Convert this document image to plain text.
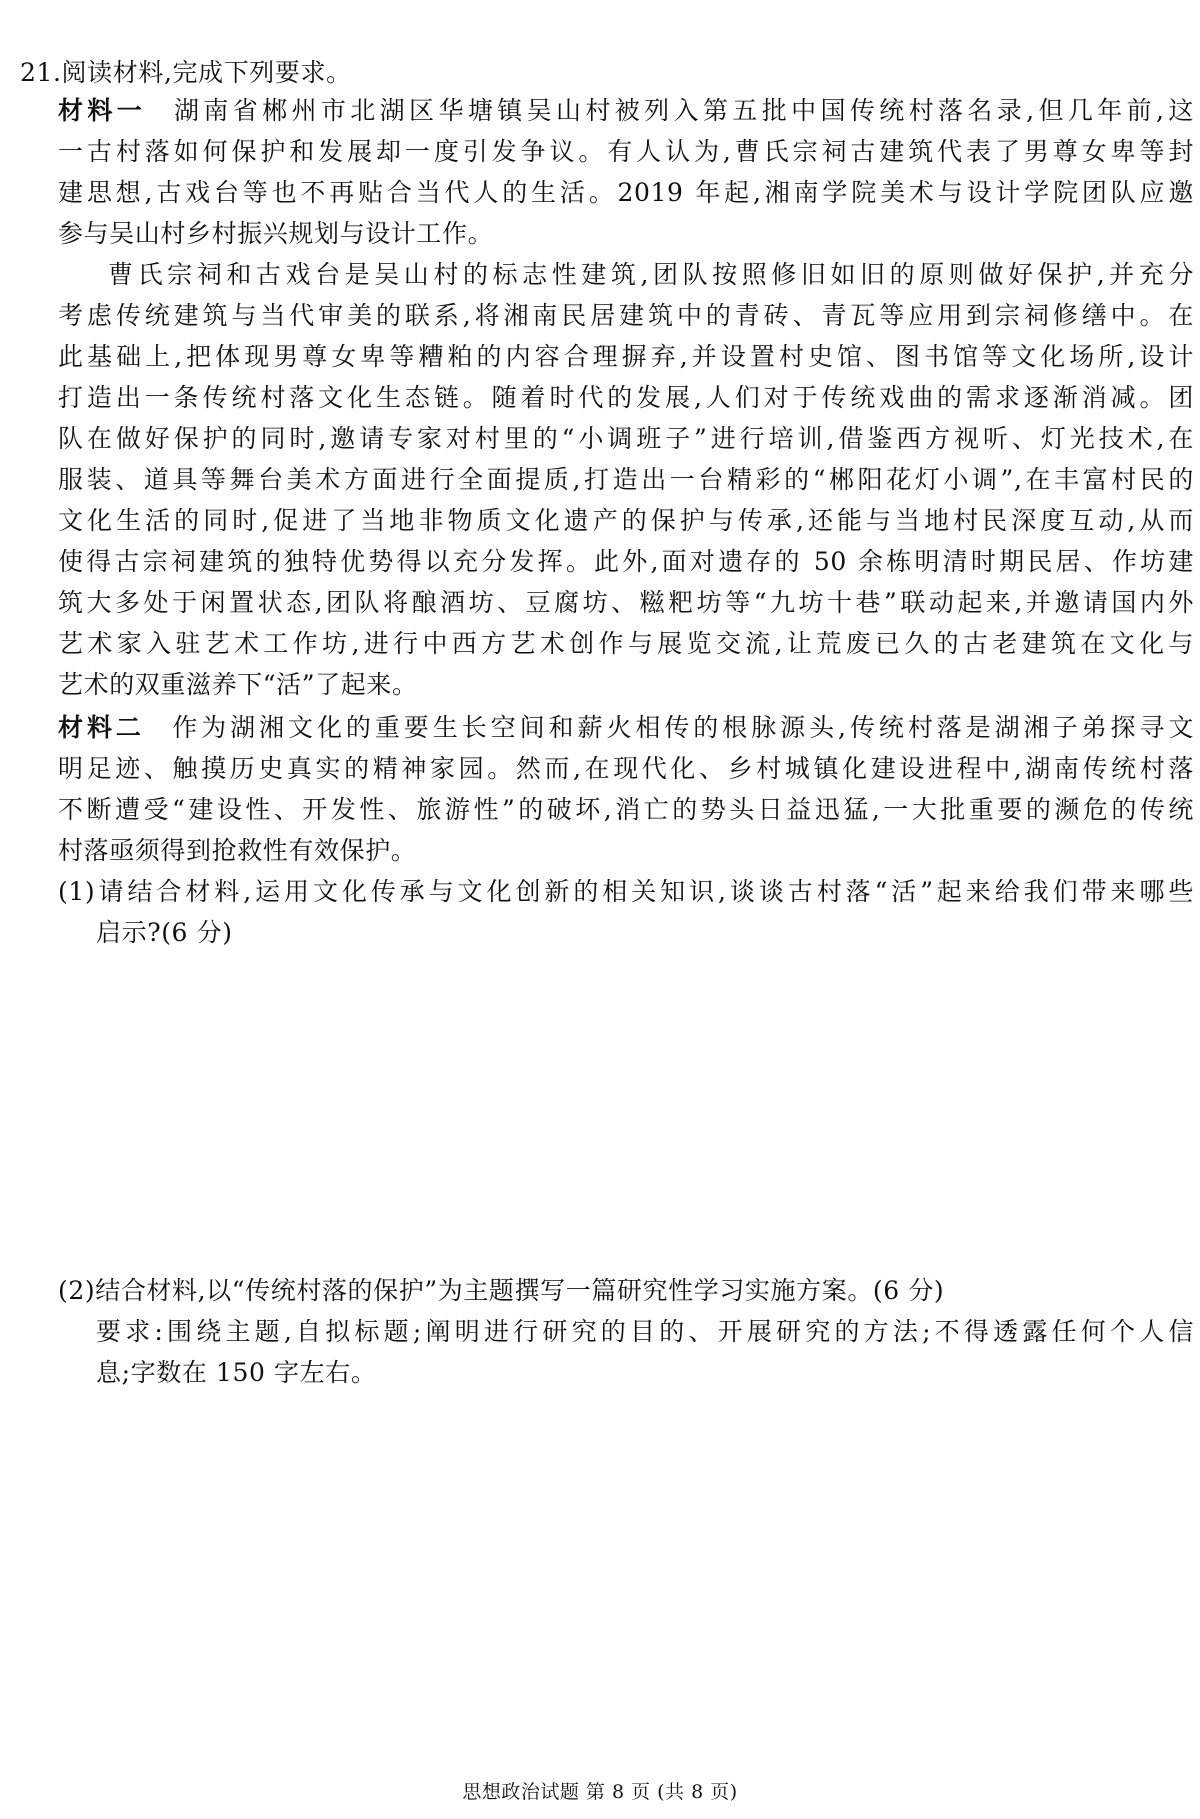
21.阅读材料,完成下列要求。
材料一 湖南省郴州市北湖区华塘镇吴山村被列入第五批中国传统村落名录,但几年前,这
一古村落如何保护和发展却一度引发争议。有人认为,曹氏宗祠古建筑代表了男尊女卑等封
建思想,古戏台等也不再贴合当代人的生活。2019 年起,湘南学院美术与设计学院团队应邀
参与吴山村乡村振兴规划与设计工作。
曹氏宗祠和古戏台是吴山村的标志性建筑,团队按照修旧如旧的原则做好保护,并充分
考虑传统建筑与当代审美的联系,将湘南民居建筑中的青砖、青瓦等应用到宗祠修缮中。在
此基础上,把体现男尊女卑等糟粕的内容合理摒弃,并设置村史馆、图书馆等文化场所,设计
打造出一条传统村落文化生态链。随着时代的发展,人们对于传统戏曲的需求逐渐消减。团
队在做好保护的同时,邀请专家对村里的“小调班子”进行培训,借鉴西方视听、灯光技术,在
服装、道具等舞台美术方面进行全面提质,打造出一台精彩的“郴阳花灯小调”,在丰富村民的
文化生活的同时,促进了当地非物质文化遗产的保护与传承,还能与当地村民深度互动,从而
使得古宗祠建筑的独特优势得以充分发挥。此外,面对遗存的 50 余栋明清时期民居、作坊建
筑大多处于闲置状态,团队将酿酒坊、豆腐坊、糍粑坊等“九坊十巷”联动起来,并邀请国内外
艺术家入驻艺术工作坊,进行中西方艺术创作与展览交流,让荒废已久的古老建筑在文化与
艺术的双重滋养下“活”了起来。
材料二 作为湖湘文化的重要生长空间和薪火相传的根脉源头,传统村落是湖湘子弟探寻文
明足迹、触摸历史真实的精神家园。然而,在现代化、乡村城镇化建设进程中,湖南传统村落
不断遭受“建设性、开发性、旅游性”的破坏,消亡的势头日益迅猛,一大批重要的濒危的传统
村落亟须得到抢救性有效保护。
(1)请结合材料,运用文化传承与文化创新的相关知识,谈谈古村落“活”起来给我们带来哪些
启示?(6 分)
(2)结合材料,以“传统村落的保护”为主题撰写一篇研究性学习实施方案。(6 分)
要求:围绕主题,自拟标题;阐明进行研究的目的、开展研究的方法;不得透露任何个人信
息;字数在 150 字左右。
思想政治试题 第 8 页 (共 8 页)
